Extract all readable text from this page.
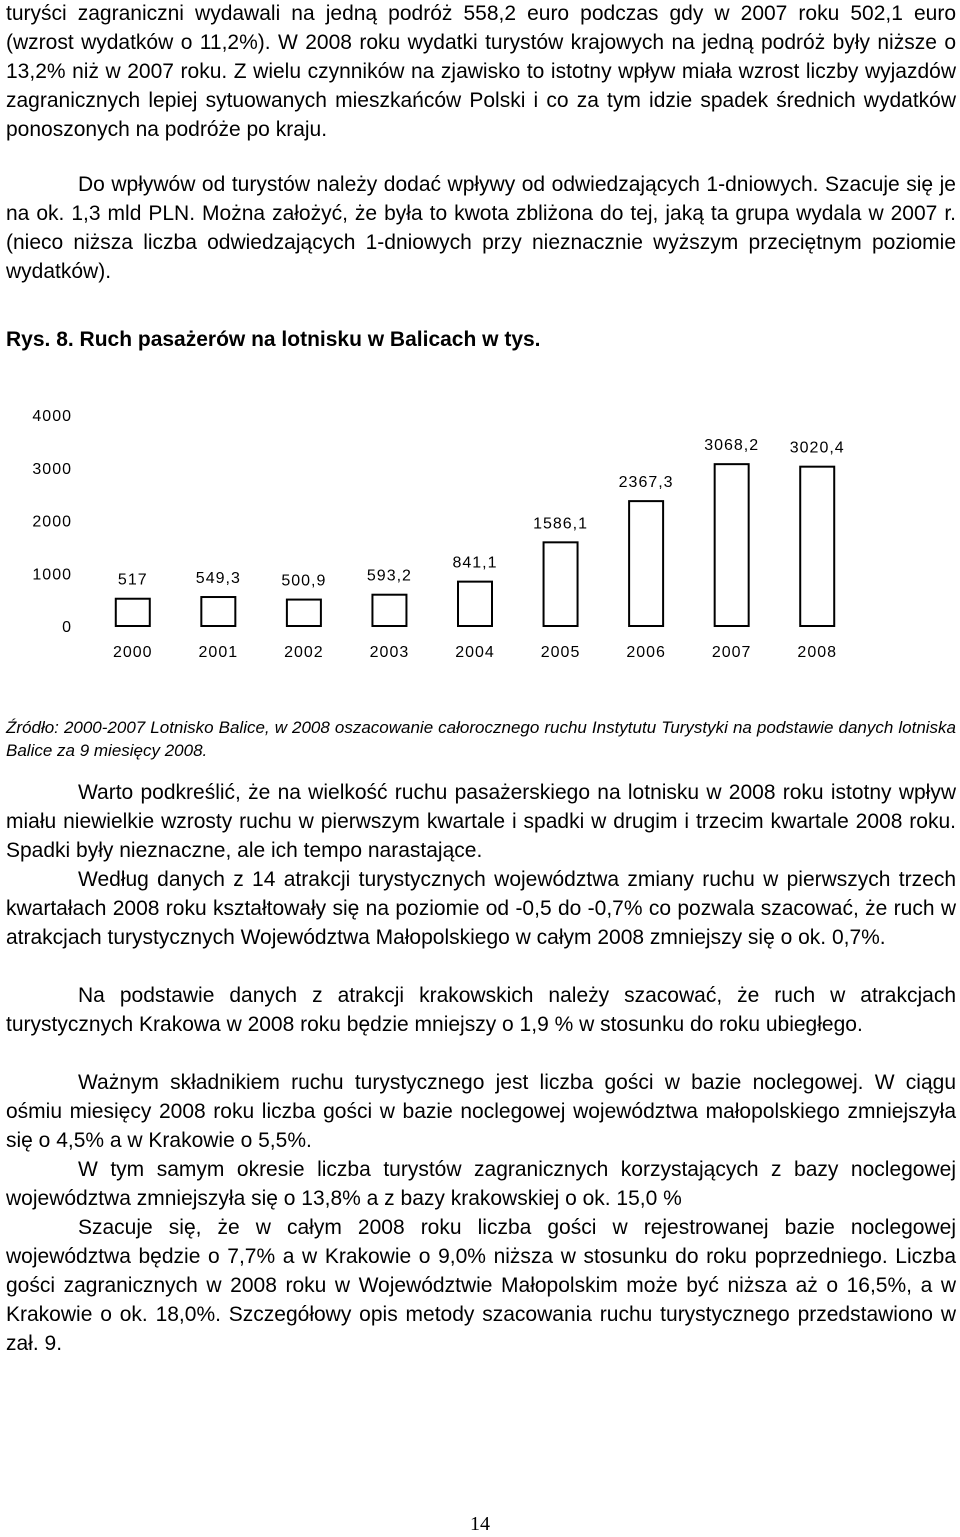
turyści zagraniczni wydawali na jedną podróż 558,2 euro podczas gdy w 2007 roku 502,1 euro (wzrost wydatków o 11,2%). W 2008 roku wydatki turystów krajowych na jedną podróż były niższe o 13,2% niż w 2007 roku. Z wielu czynników na zjawisko to istotny wpływ miała wzrost liczby wyjazdów zagranicznych lepiej sytuowanych mieszkańców Polski i co za tym idzie spadek średnich wydatków ponoszonych na podróże po kraju.

Do wpływów od turystów należy dodać wpływy od odwiedzających 1-dniowych. Szacuje się je na ok. 1,3 mld PLN. Można założyć, że była to kwota zbliżona do tej, jaką ta grupa wydala w 2007 r. (nieco niższa liczba odwiedzających 1-dniowych przy nieznacznie wyższym przeciętnym poziomie wydatków).

Rys. 8. Ruch pasażerów na lotnisku w Balicach w tys.

0
1000
2000
3000
4000
517
2000
549,3
2001
500,9
2002
593,2
2003
841,1
2004
1586,1
2005
2367,3
2006
3068,2
2007
3020,4
2008

Źródło: 2000-2007 Lotnisko Balice, w 2008 oszacowanie całorocznego ruchu Instytutu Turystyki na podstawie danych lotniska Balice za 9 miesięcy 2008.

Warto podkreślić, że na wielkość ruchu pasażerskiego na lotnisku w 2008 roku istotny wpływ miału niewielkie wzrosty ruchu w pierwszym kwartale i spadki w drugim i trzecim kwartale 2008 roku. Spadki były nieznaczne, ale ich tempo narastające.

Według danych z 14 atrakcji turystycznych województwa zmiany ruchu w pierwszych trzech kwartałach 2008 roku kształtowały się na poziomie od -0,5 do -0,7% co pozwala szacować, że ruch w atrakcjach turystycznych Województwa Małopolskiego w całym 2008 zmniejszy się o ok. 0,7%.

Na podstawie danych z atrakcji krakowskich należy szacować, że ruch w atrakcjach turystycznych Krakowa w 2008 roku będzie mniejszy o 1,9 % w stosunku do roku ubiegłego.

Ważnym składnikiem ruchu turystycznego jest liczba gości w bazie noclegowej. W ciągu ośmiu miesięcy 2008 roku liczba gości w bazie noclegowej województwa małopolskiego zmniejszyła się o 4,5% a w Krakowie o 5,5%.

W tym samym okresie liczba turystów zagranicznych korzystających z bazy noclegowej województwa zmniejszyła się o 13,8% a z bazy krakowskiej o ok. 15,0 %

Szacuje się, że w całym 2008 roku liczba gości w rejestrowanej bazie noclegowej województwa będzie o 7,7% a w Krakowie o 9,0% niższa w stosunku do roku poprzedniego. Liczba gości zagranicznych w 2008 roku w Województwie Małopolskim może być niższa aż o 16,5%, a w Krakowie o ok. 18,0%. Szczegółowy opis metody szacowania ruchu turystycznego przedstawiono w zał. 9.

14
